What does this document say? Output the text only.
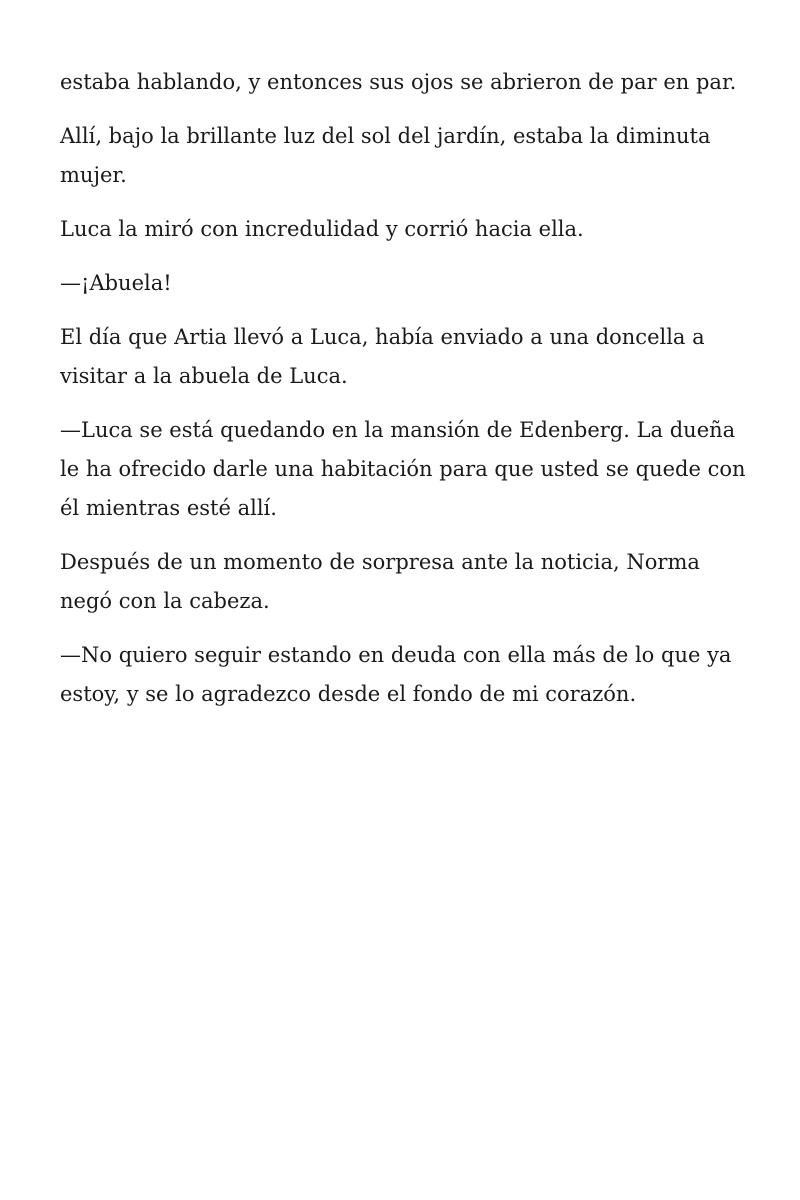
estaba hablando, y entonces sus ojos se abrieron de par en par.

Allí, bajo la brillante luz del sol del jardín, estaba la diminuta mujer.

Luca la miró con incredulidad y corrió hacia ella.

—¡Abuela!

El día que Artia llevó a Luca, había enviado a una doncella a visitar a la abuela de Luca.

—Luca se está quedando en la mansión de Edenberg. La dueña le ha ofrecido darle una habitación para que usted se quede con él mientras esté allí.

Después de un momento de sorpresa ante la noticia, Norma negó con la cabeza.

—No quiero seguir estando en deuda con ella más de lo que ya estoy, y se lo agradezco desde el fondo de mi corazón.
